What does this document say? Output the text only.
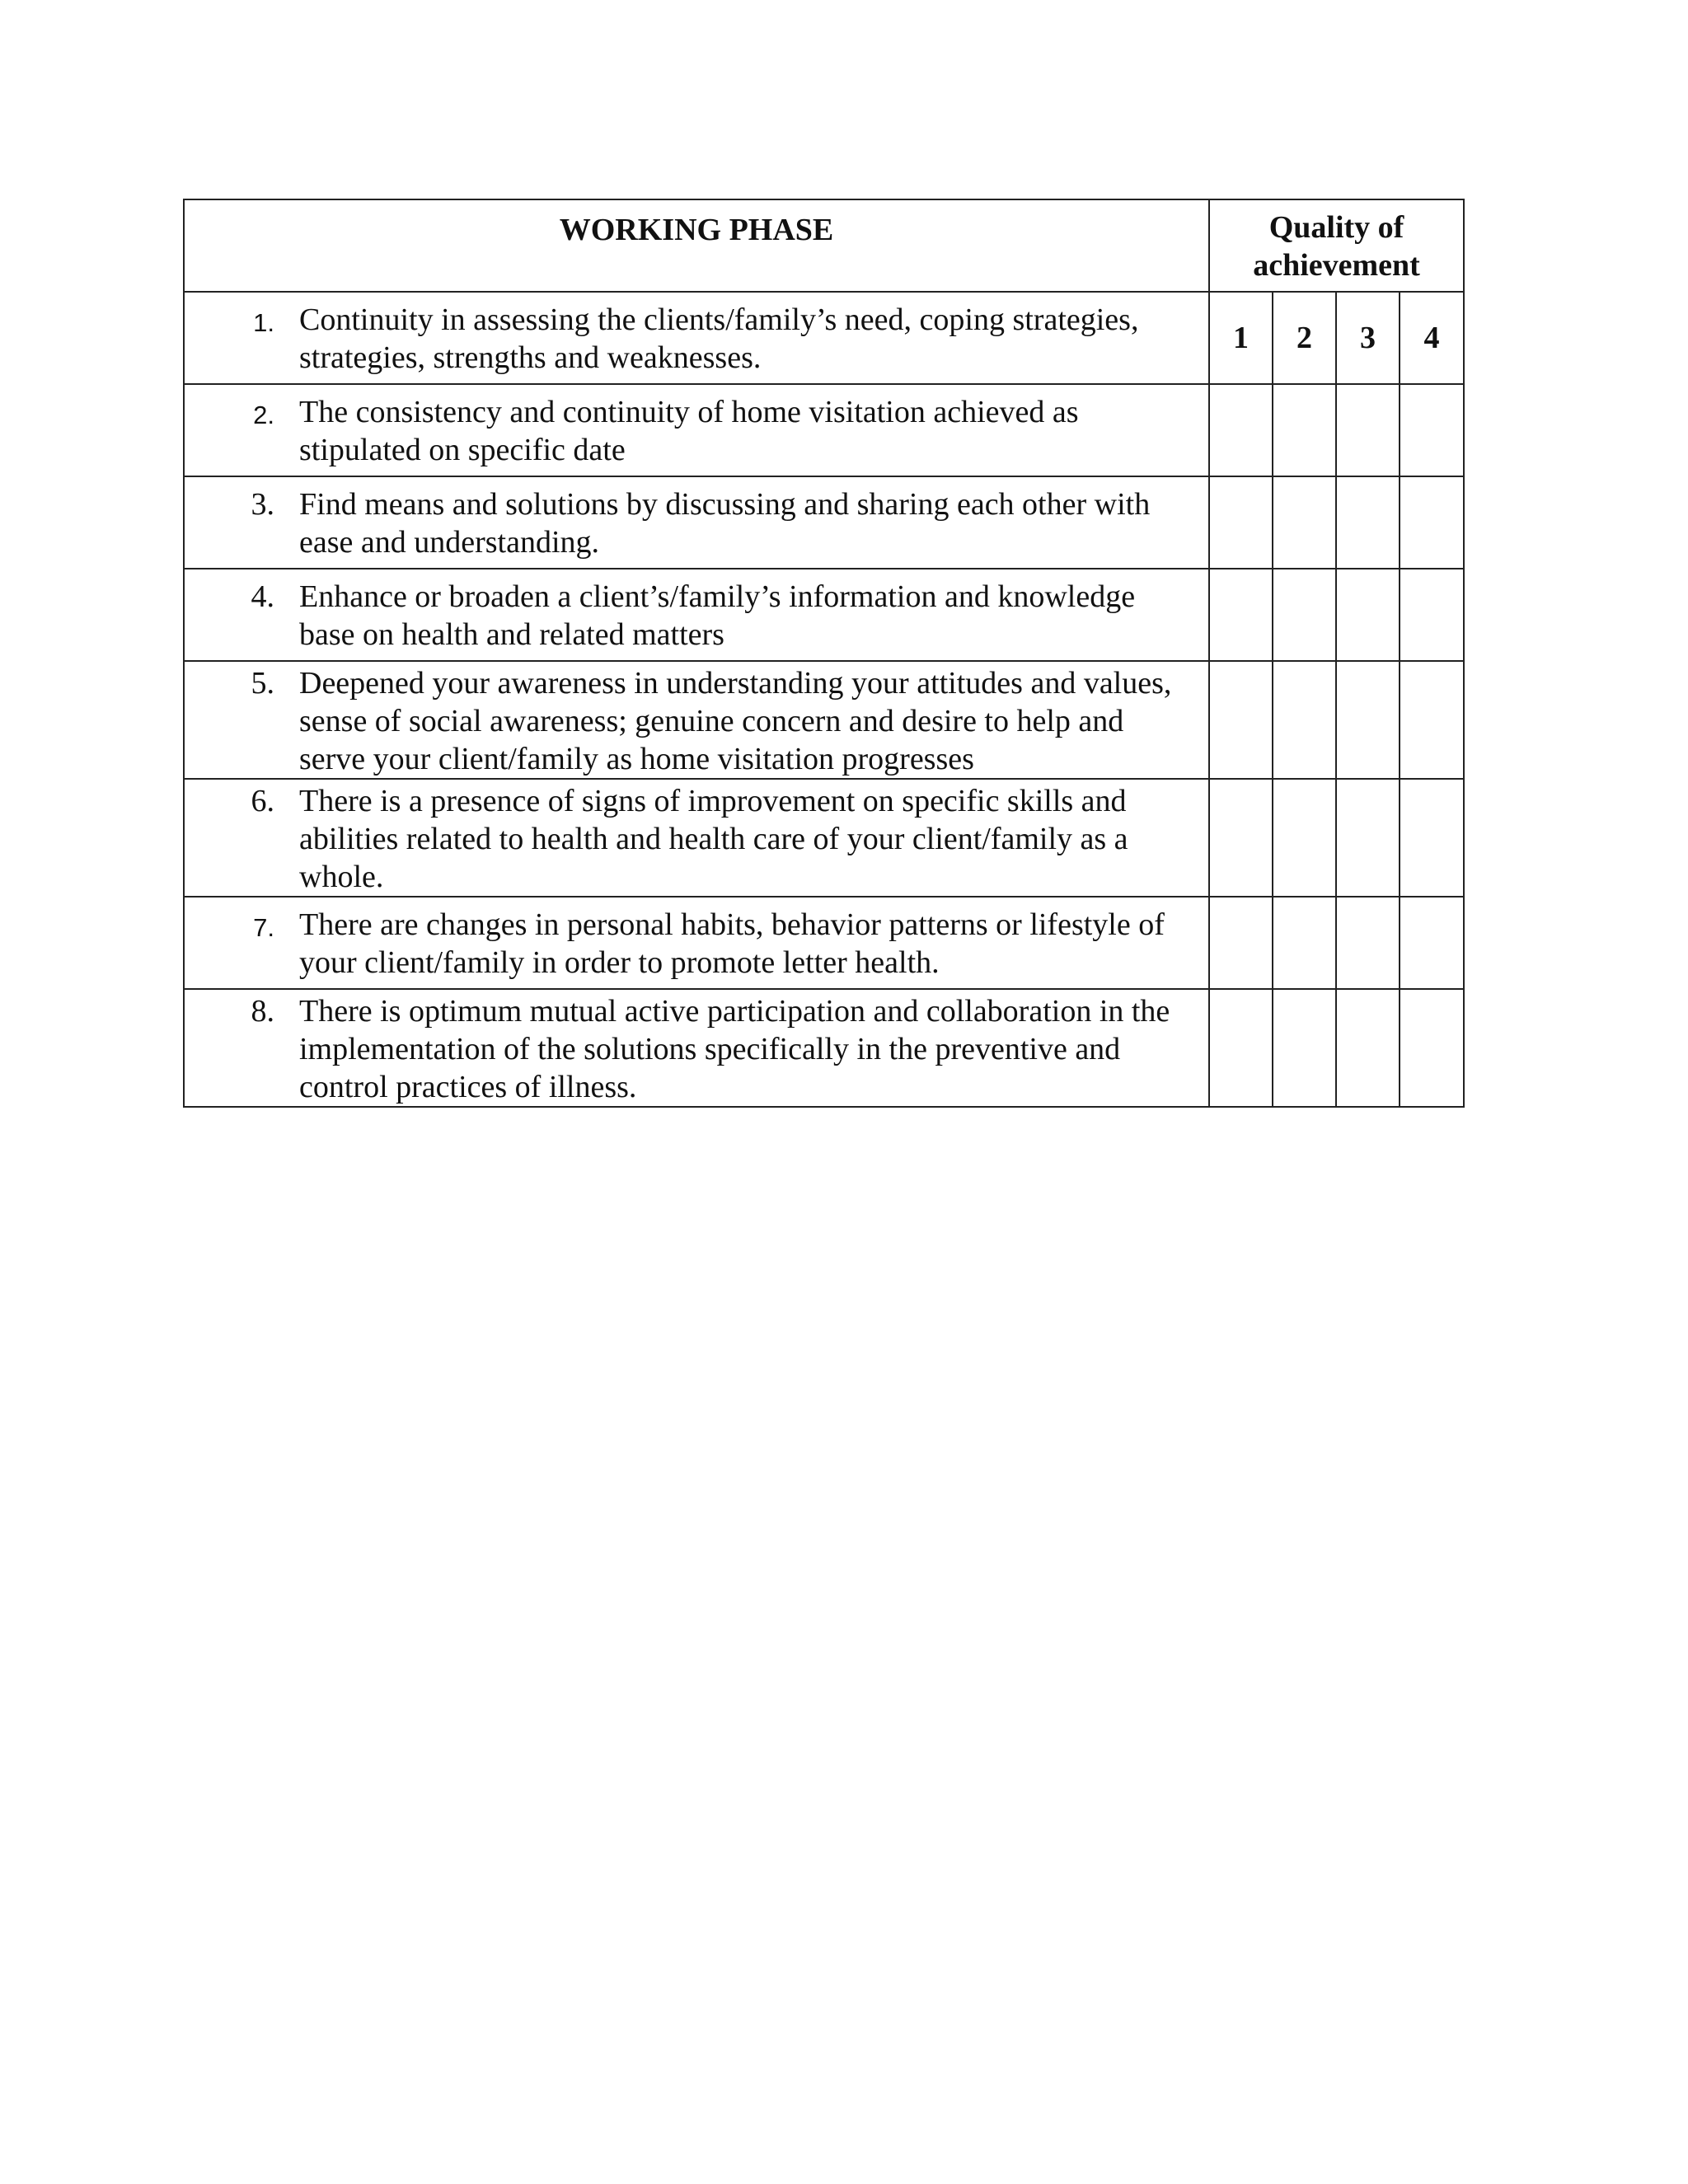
WORKING PHASE	Quality of
achievement			

1. Continuity in assessing the clients/family’s need, coping strategies, strategies, strengths and weaknesses.	1	2	3	4

2. The consistency and continuity of home visitation achieved as stipulated on specific date				

3. Find means and solutions by discussing and sharing each other with ease and understanding.				

4. Enhance or broaden a client’s/family’s information and knowledge base on health and related matters				

5. Deepened your awareness in understanding your attitudes and values, sense of social awareness; genuine concern and desire to help and serve your client/family as home visitation progresses				

6. There is a presence of signs of improvement on specific skills and abilities related to health and health care of your client/family as a whole.				

7. There are changes in personal habits, behavior patterns or lifestyle of your client/family in order to promote letter health.				

8. There is optimum mutual active participation and collaboration in the implementation of the solutions specifically in the preventive and control practices of illness.				
